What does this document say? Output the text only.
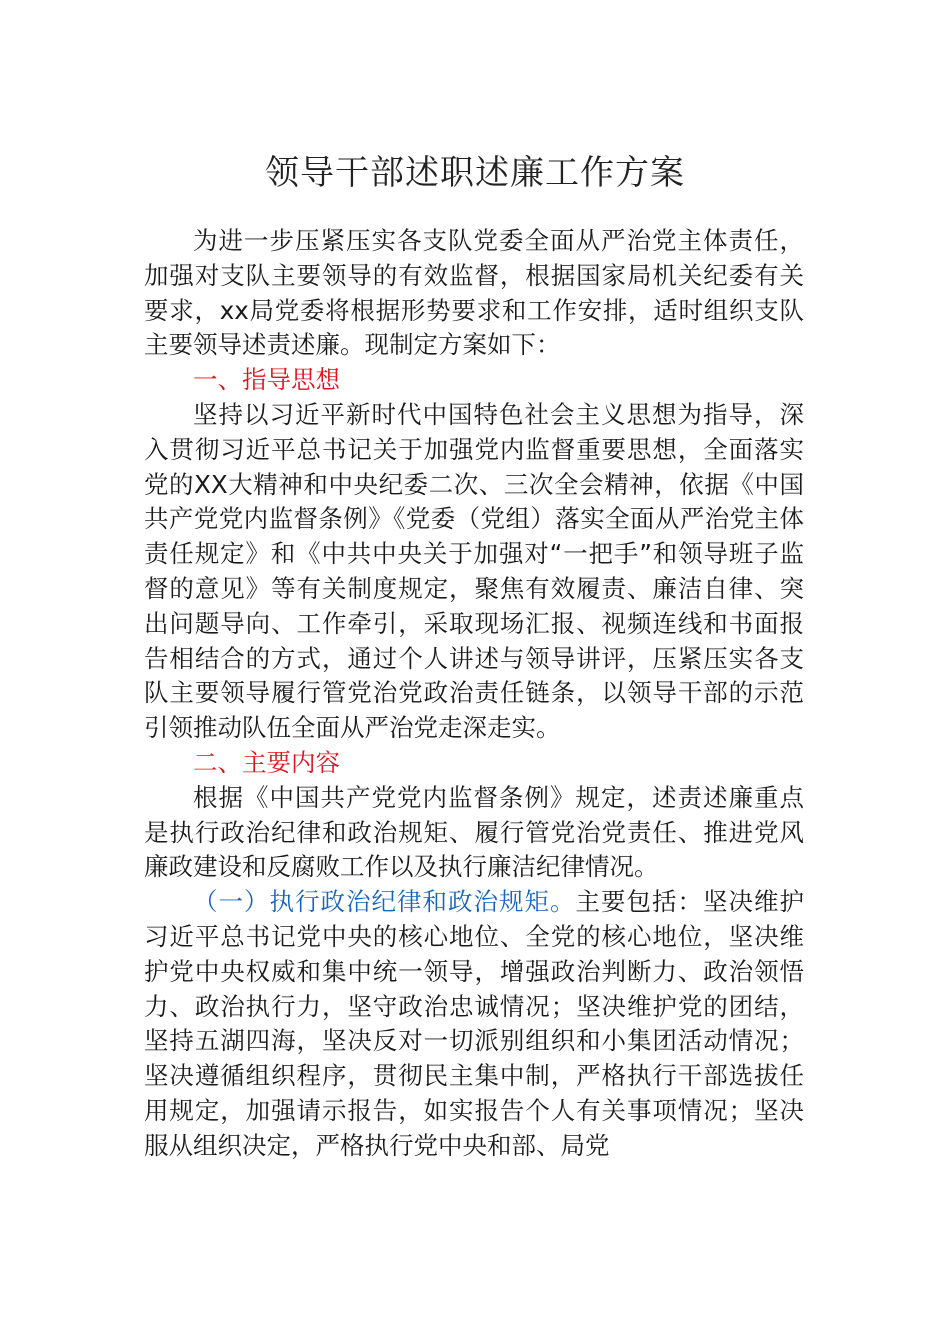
领导干部述职述廉工作方案

为进一步压紧压实各支队党委全面从严治党主体责任，加强对支队主要领导的有效监督，根据国家局机关纪委有关要求，xx局党委将根据形势要求和工作安排，适时组织支队主要领导述责述廉。现制定方案如下：

一、指导思想

坚持以习近平新时代中国特色社会主义思想为指导，深入贯彻习近平总书记关于加强党内监督重要思想，全面落实党的XX大精神和中央纪委二次、三次全会精神，依据《中国共产党党内监督条例》《党委（党组）落实全面从严治党主体责任规定》和《中共中央关于加强对“一把手”和领导班子监督的意见》等有关制度规定，聚焦有效履责、廉洁自律、突出问题导向、工作牵引，采取现场汇报、视频连线和书面报告相结合的方式，通过个人讲述与领导讲评，压紧压实各支队主要领导履行管党治党政治责任链条，以领导干部的示范引领推动队伍全面从严治党走深走实。

二、主要内容

根据《中国共产党党内监督条例》规定，述责述廉重点是执行政治纪律和政治规矩、履行管党治党责任、推进党风廉政建设和反腐败工作以及执行廉洁纪律情况。

（一）执行政治纪律和政治规矩。主要包括：坚决维护习近平总书记党中央的核心地位、全党的核心地位，坚决维护党中央权威和集中统一领导，增强政治判断力、政治领悟力、政治执行力，坚守政治忠诚情况；坚决维护党的团结，坚持五湖四海，坚决反对一切派别组织和小集团活动情况；坚决遵循组织程序，贯彻民主集中制，严格执行干部选拔任用规定，加强请示报告，如实报告个人有关事项情况；坚决服从组织决定，严格执行党中央和部、局党
